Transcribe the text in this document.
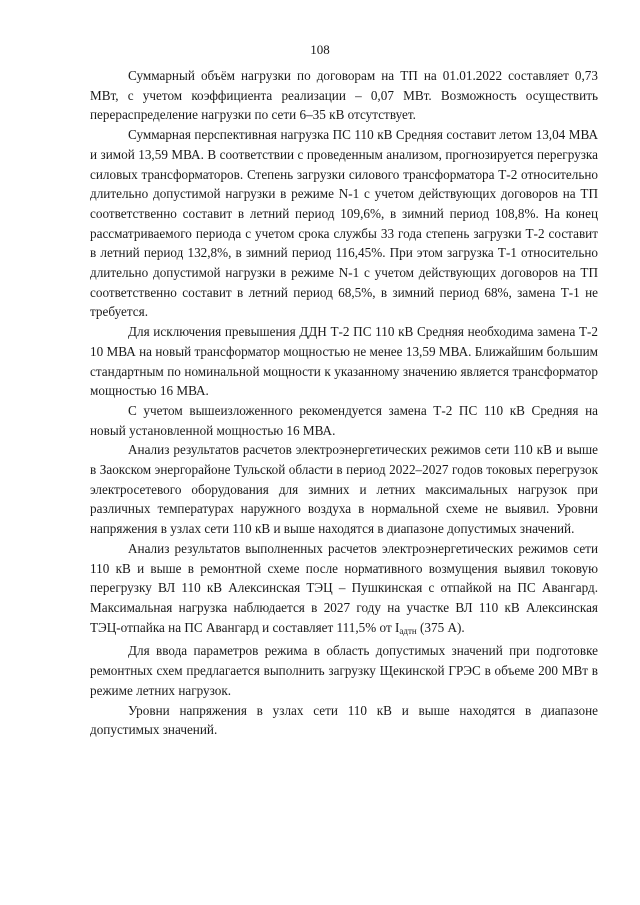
108

Суммарный объём нагрузки по договорам на ТП на 01.01.2022 составляет 0,73 МВт, с учетом коэффициента реализации – 0,07 МВт. Возможность осуществить перераспределение нагрузки по сети 6–35 кВ отсутствует.

Суммарная перспективная нагрузка ПС 110 кВ Средняя составит летом 13,04 МВА и зимой 13,59 МВА. В соответствии с проведенным анализом, прогнозируется перегрузка силовых трансформаторов. Степень загрузки силового трансформатора Т-2 относительно длительно допустимой нагрузки в режиме N-1 с учетом действующих договоров на ТП соответственно составит в летний период 109,6%, в зимний период 108,8%. На конец рассматриваемого периода с учетом срока службы 33 года степень загрузки Т-2 составит в летний период 132,8%, в зимний период 116,45%. При этом загрузка Т-1 относительно длительно допустимой нагрузки в режиме N-1 с учетом действующих договоров на ТП соответственно составит в летний период 68,5%, в зимний период 68%, замена Т-1 не требуется.

Для исключения превышения ДДН Т-2 ПС 110 кВ Средняя необходима замена Т-2 10 МВА на новый трансформатор мощностью не менее 13,59 МВА. Ближайшим большим стандартным по номинальной мощности к указанному значению является трансформатор мощностью 16 МВА.

С учетом вышеизложенного рекомендуется замена Т-2 ПС 110 кВ Средняя на новый установленной мощностью 16 МВА.

Анализ результатов расчетов электроэнергетических режимов сети 110 кВ и выше в Заокском энергорайоне Тульской области в период 2022–2027 годов токовых перегрузок электросетевого оборудования для зимних и летних максимальных нагрузок при различных температурах наружного воздуха в нормальной схеме не выявил. Уровни напряжения в узлах сети 110 кВ и выше находятся в диапазоне допустимых значений.

Анализ результатов выполненных расчетов электроэнергетических режимов сети 110 кВ и выше в ремонтной схеме после нормативного возмущения выявил токовую перегрузку ВЛ 110 кВ Алексинская ТЭЦ – Пушкинская с отпайкой на ПС Авангард. Максимальная нагрузка наблюдается в 2027 году на участке ВЛ 110 кВ Алексинская ТЭЦ-отпайка на ПС Авангард и составляет 111,5% от $I_{адтн}$ (375 А).

Для ввода параметров режима в область допустимых значений при подготовке ремонтных схем предлагается выполнить загрузку Щекинской ГРЭС в объеме 200 МВт в режиме летних нагрузок.

Уровни напряжения в узлах сети 110 кВ и выше находятся в диапазоне допустимых значений.
